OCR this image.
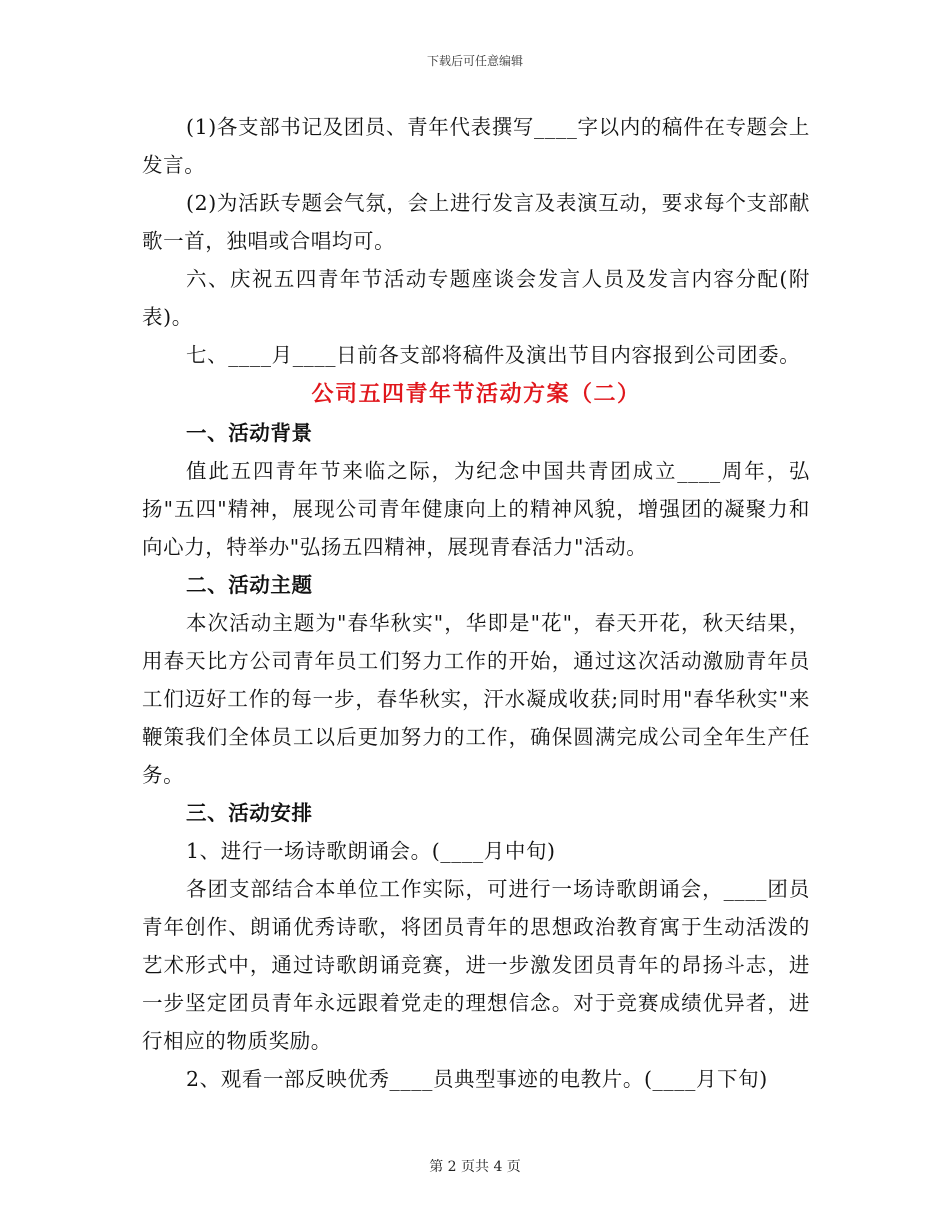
下载后可任意编辑

(1)各支部书记及团员、青年代表撰写____字以内的稿件在专题会上发言。

(2)为活跃专题会气氛，会上进行发言及表演互动，要求每个支部献歌一首，独唱或合唱均可。

六、庆祝五四青年节活动专题座谈会发言人员及发言内容分配(附表)。

七、____月____日前各支部将稿件及演出节目内容报到公司团委。

公司五四青年节活动方案（二）

一、活动背景

值此五四青年节来临之际，为纪念中国共青团成立____周年，弘扬"五四"精神，展现公司青年健康向上的精神风貌，增强团的凝聚力和向心力，特举办"弘扬五四精神，展现青春活力"活动。

二、活动主题

本次活动主题为"春华秋实"，华即是"花"，春天开花，秋天结果，用春天比方公司青年员工们努力工作的开始，通过这次活动激励青年员工们迈好工作的每一步，春华秋实，汗水凝成收获;同时用"春华秋实"来鞭策我们全体员工以后更加努力的工作，确保圆满完成公司全年生产任务。

三、活动安排

1、进行一场诗歌朗诵会。(____月中旬)

各团支部结合本单位工作实际，可进行一场诗歌朗诵会，____团员青年创作、朗诵优秀诗歌，将团员青年的思想政治教育寓于生动活泼的艺术形式中，通过诗歌朗诵竞赛，进一步激发团员青年的昂扬斗志，进一步坚定团员青年永远跟着党走的理想信念。对于竞赛成绩优异者，进行相应的物质奖励。

2、观看一部反映优秀____员典型事迹的电教片。(____月下旬)

第 2 页共 4 页
